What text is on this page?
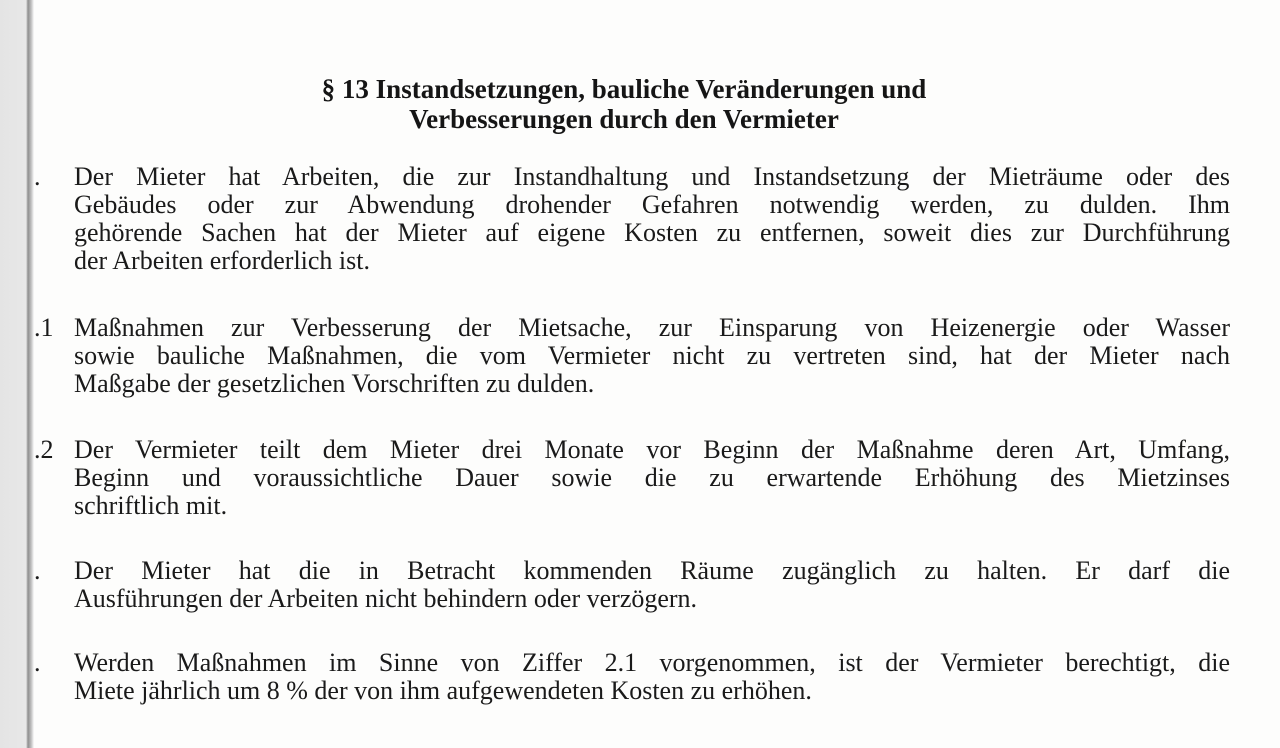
§ 13 Instandsetzungen, bauliche Veränderungen und
Verbesserungen durch den Vermieter
.	Der Mieter hat Arbeiten, die zur Instandhaltung und Instandsetzung der Mieträume oder des
Gebäudes oder zur Abwendung drohender Gefahren notwendig werden, zu dulden. Ihm
gehörende Sachen hat der Mieter auf eigene Kosten zu entfernen, soweit dies zur Durchführung
der Arbeiten erforderlich ist.
.1 Maßnahmen zur Verbesserung der Mietsache, zur Einsparung von Heizenergie oder Wasser
sowie bauliche Maßnahmen, die vom Vermieter nicht zu vertreten sind, hat der Mieter nach
Maßgabe der gesetzlichen Vorschriften zu dulden.
.2 Der Vermieter teilt dem Mieter drei Monate vor Beginn der Maßnahme deren Art, Umfang,
Beginn und voraussichtliche Dauer sowie die zu erwartende Erhöhung des Mietzinses
schriftlich mit.
.	Der Mieter hat die in Betracht kommenden Räume zugänglich zu halten. Er darf die
Ausführungen der Arbeiten nicht behindern oder verzögern.
.	Werden Maßnahmen im Sinne von Ziffer 2.1 vorgenommen, ist der Vermieter berechtigt, die
Miete jährlich um 8 % der von ihm aufgewendeten Kosten zu erhöhen.
